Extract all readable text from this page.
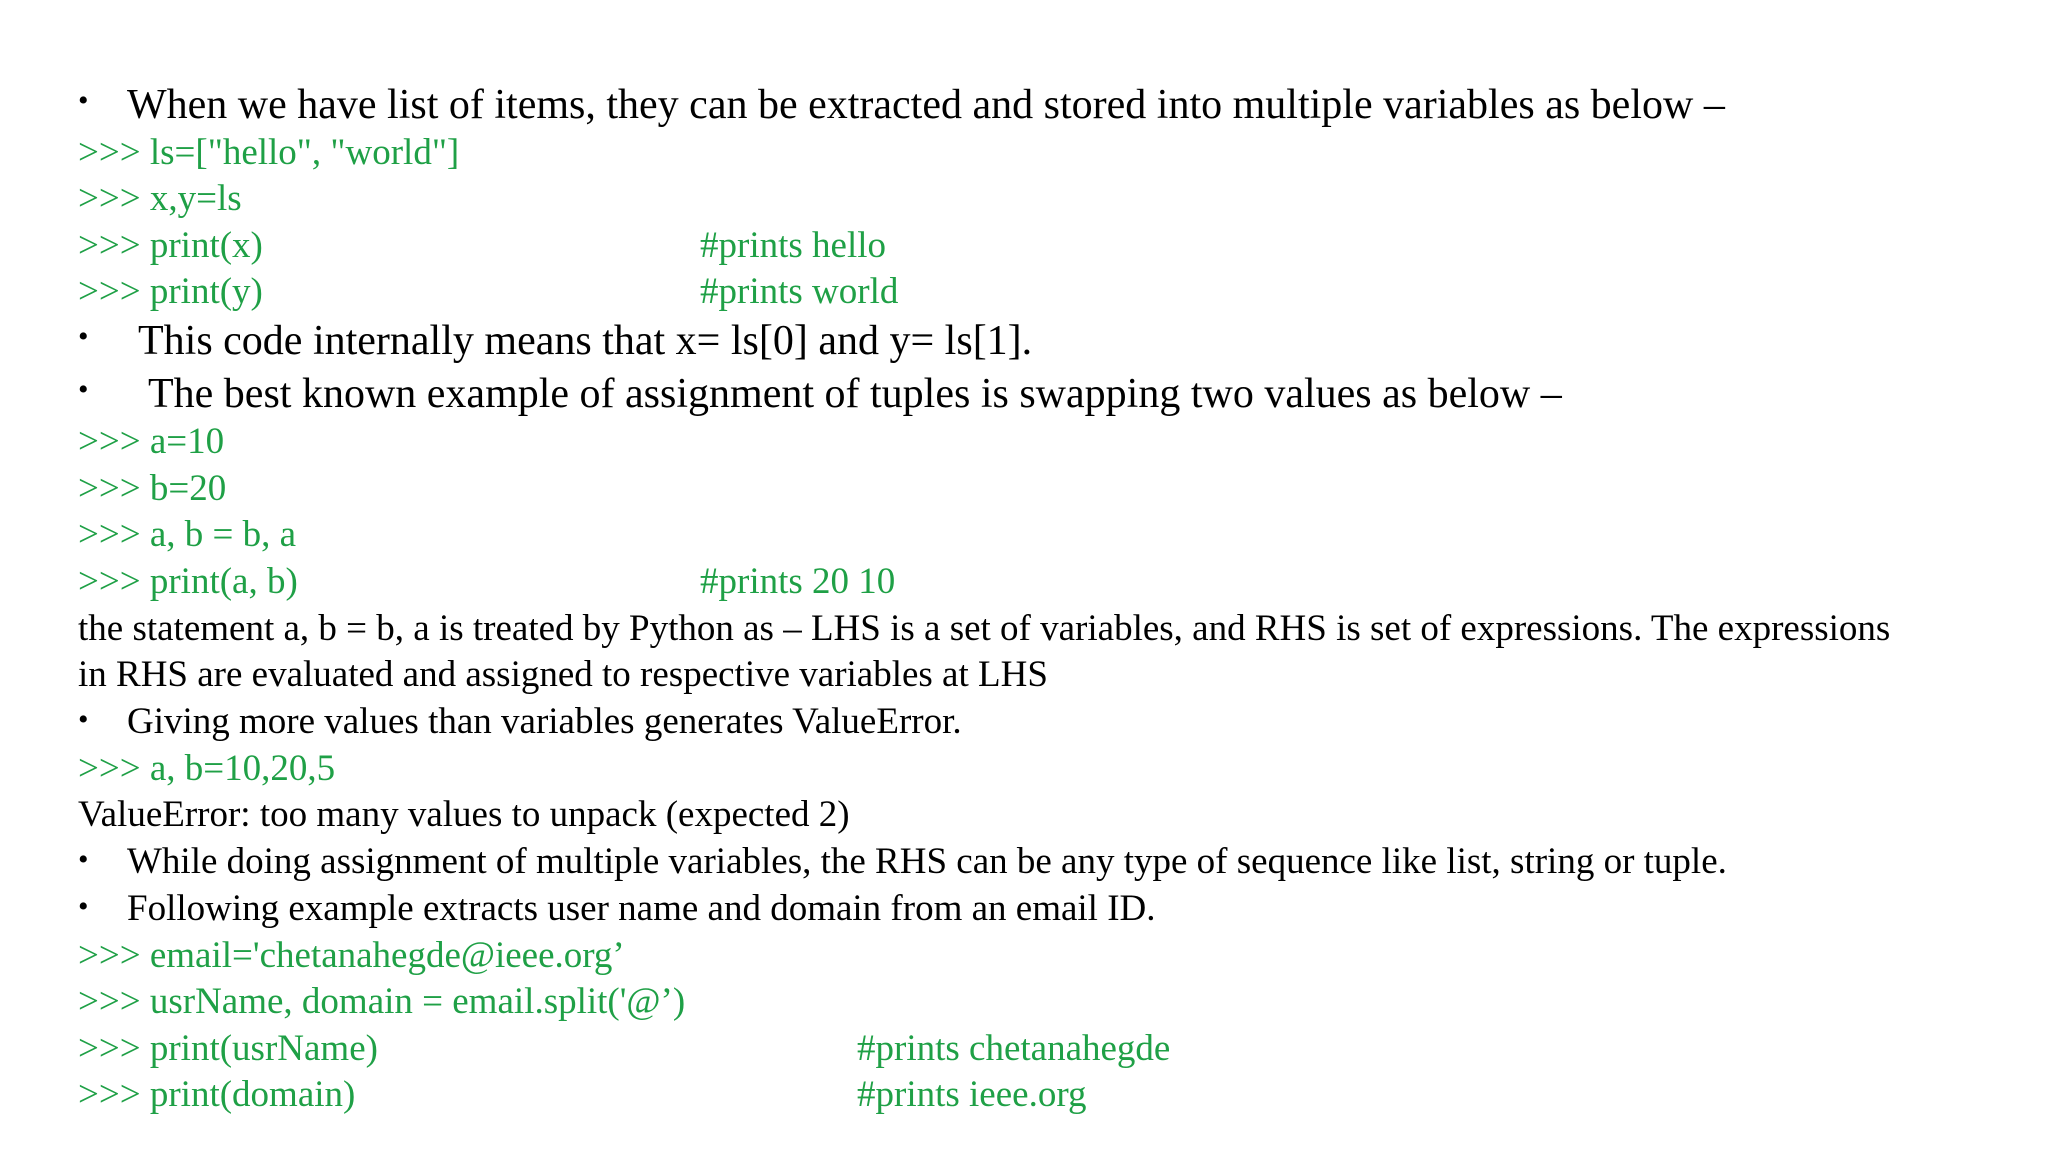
• When we have list of items, they can be extracted and stored into multiple variables as below –
>>> ls=["hello", "world"]
>>> x,y=ls
>>> print(x)	#prints hello
>>> print(y)	#prints world
• This code internally means that x= ls[0] and y= ls[1].
• The best known example of assignment of tuples is swapping two values as below –
>>> a=10
>>> b=20
>>> a, b = b, a
>>> print(a, b)	#prints 20 10
the statement a, b = b, a is treated by Python as – LHS is a set of variables, and RHS is set of expressions. The expressions
in RHS are evaluated and assigned to respective variables at LHS
• Giving more values than variables generates ValueError.
>>> a, b=10,20,5
ValueError: too many values to unpack (expected 2)
• While doing assignment of multiple variables, the RHS can be any type of sequence like list, string or tuple.
• Following example extracts user name and domain from an email ID.
>>> email='chetanahegde@ieee.org’
>>> usrName, domain = email.split('@’)
>>> print(usrName)	#prints chetanahegde
>>> print(domain)	#prints ieee.org
